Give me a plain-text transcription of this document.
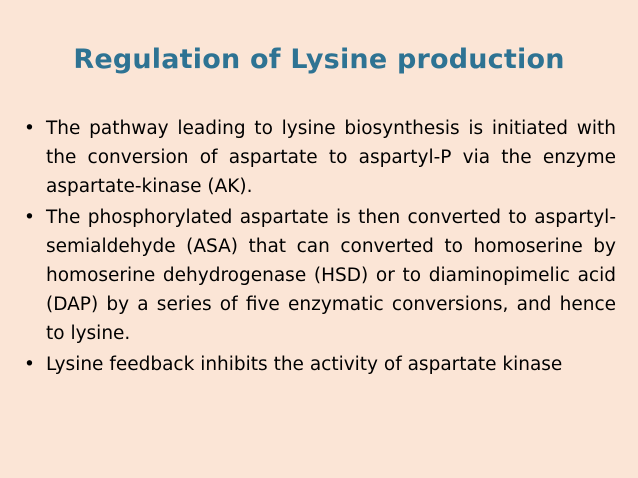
Regulation of Lysine production
• The pathway leading to lysine biosynthesis is initiated with the conversion of aspartate to aspartyl-P via the enzyme aspartate-kinase (AK).
• The phosphorylated aspartate is then converted to aspartyl-semialdehyde (ASA) that can converted to homoserine by homoserine dehydrogenase (HSD) or to diaminopimelic acid (DAP) by a series of five enzymatic conversions, and hence to lysine.
• Lysine feedback inhibits the activity of aspartate kinase
